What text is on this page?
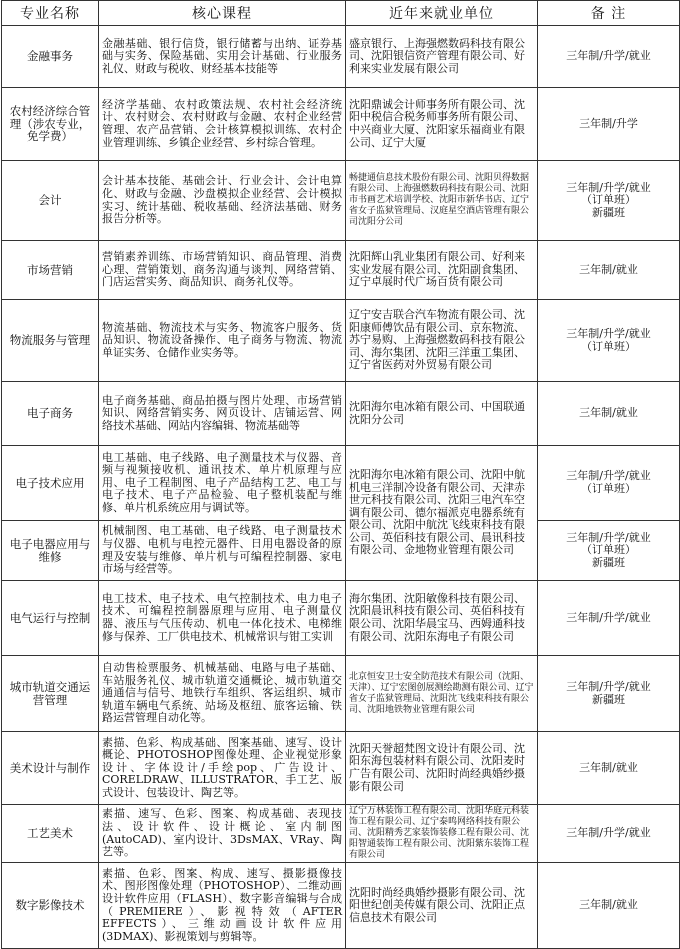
专业名称	核心课程	近年来就业单位	备 注
金融事务	金融基础、银行信贷，银行储蓄与出纳、证券基础与实务、保险基础、实用会计基础、行业服务礼仪、财政与税收、财经基本技能等	盛京银行、上海强燃数码科技有限公司、沈阳银信资产管理有限公司、好利来实业发展有限公司	三年制/升学/就业
农村经济综合管理（涉农专业，免学费）	经济学基础、农村政策法规、农村社会经济统计、农村财会、农村财政与金融、农村企业经营管理、农产品营销、会计核算模拟训练、农村企业管理训练、乡镇企业经营、乡村综合管理。	沈阳鼎诚会计师事务所有限公司、沈阳中税信合税务师事务所有限公司、中兴商业大厦、沈阳家乐福商业有限公司、辽宁大厦	三年制/升学
会计	会计基本技能、基础会计、行业会计、会计电算化、财政与金融、沙盘模拟企业经营、会计模拟实习、统计基础、税收基础、经济法基础、财务报告分析等。	畅捷通信息技术股份有限公司、沈阳贝得数据有限公司、上海强燃数码科技有限公司、沈阳市书画艺术培训学校、沈阳市新华书店、辽宁省女子监狱管理局、汉庭星空酒店管理有限公司沈阳分公司	三年制/升学/就业
（订单班）
新疆班
市场营销	营销素养训练、市场营销知识、商品管理、消费心理、营销策划、商务沟通与谈判、网络营销、门店运营实务、商品知识、商务礼仪等。	沈阳辉山乳业集团有限公司、好利来实业发展有限公司、沈阳副食集团、辽宁卓展时代广场百货有限公司	三年制/就业
物流服务与管理	物流基础、物流技术与实务、物流客户服务、货品知识、物流设备操作、电子商务与物流、物流单证实务、仓储作业实务等。	辽宁安吉联合汽车物流有限公司、沈阳康师傅饮品有限公司、京东物流、苏宁易购、上海强燃数码科技有限公司、海尔集团、沈阳三洋重工集团、辽宁省医药对外贸易有限公司	三年制/升学/就业
（订单班）
电子商务	电子商务基础、商品拍摄与图片处理、市场营销知识、网络营销实务、网页设计、店铺运营、网络技术基础、网站内容编辑、物流基础等	沈阳海尔电冰箱有限公司、中国联通沈阳分公司	三年制/就业
电子技术应用	电工基础、电子线路、电子测量技术与仪器、音频与视频接收机、通讯技术、单片机原理与应用、电子工程制图、电子产品结构工艺、电工与电子技术、电子产品检验、电子整机装配与维修、单片机系统应用与调试等。	沈阳海尔电冰箱有限公司、沈阳中航机电三洋制冷设备有限公司、天津赤世元科技有限公司、沈阳三电汽车空调有限公司、德尔福派克电器系统有限公司、沈阳中航沈飞线束科技有限公司、英佰科技有限公司、晨讯科技有限公司、金地物业管理有限公司	三年制/升学/就业
（订单班）
电子电器应用与维修	机械制图、电工基础、电子线路、电子测量技术与仪器、电机与电控元器件、日用电器设备的原理及安装与维修、单片机与可编程控制器、家电市场与经营等。		三年制/升学/就业
（订单班）
新疆班
电气运行与控制	电工技术、电子技术、电气控制技术、电力电子技术、可编程控制器原理与应用、电子测量仪器、液压与气压传动、机电一体化技术、电梯维修与保养、工厂供电技术、机械常识与钳工实训	海尔集团、沈阳敏像科技有限公司、沈阳晨讯科技有限公司、英佰科技有限公司、沈阳华晨宝马、西姆通科技有限公司、沈阳东海电子有限公司	三年制/升学/就业
城市轨道交通运营管理	自动售检票服务、机械基础、电路与电子基础、车站服务礼仪、城市轨道交通概论、城市轨道交通通信与信号、地铁行车组织、客运组织、城市轨道车辆电气系统、站场及枢纽、旅客运输、铁路运营管理自动化等。	北京恒安卫士安全防范技术有限公司（沈阳、天津）、辽宁宏图创展测绘勘测有限公司、辽宁省女子监狱管理局、沈阳沈飞线束科技有限公司、沈阳地铁物业管理有限公司	三年制/升学/就业
新疆班
美术设计与制作	素描、色彩、构成基础、图案基础、速写、设计概论、PHOTOSHOP图像处理、企业视觉形象设计、字体设计/手绘pop、广告设计、CORELDRAW、ILLUSTRATOR、手工艺、版式设计、包装设计、陶艺等。	沈阳天誉超梵图文设计有限公司、沈阳东海包装材料有限公司、沈阳麦时广告有限公司、沈阳时尚经典婚纱摄影有限公司	三年制/就业
工艺美术	素描、速写、色彩、图案、构成基础、表现技法、设计软件、设计概论、室内制图(AutoCAD)、室内设计、3DsMAX、VRay、陶艺等。	辽宁万林装饰工程有限公司、沈阳华庭元科装饰工程有限公司、辽宁泰鸣网络科技有限公司、沈阳精秀艺家装饰装修工程有限公司、沈阳智通装饰工程有限公司、沈阳紫东装饰工程有限公司	三年制/升学/就业
数字影像技术	素描、色彩、图案、构成、速写、摄影摄像技术、图形图像处理（PHOTOSHOP）、二维动画设计软件应用（FLASH）、数字影音编辑与合成（PREMIERE）、影视特效（AFTER EFFECTS）、三维动画设计软件应用(3DMAX)、影视策划与剪辑等。	沈阳时尚经典婚纱摄影有限公司、沈阳世纪创美传媒有限公司、沈阳正点信息技术有限公司	三年制/就业
